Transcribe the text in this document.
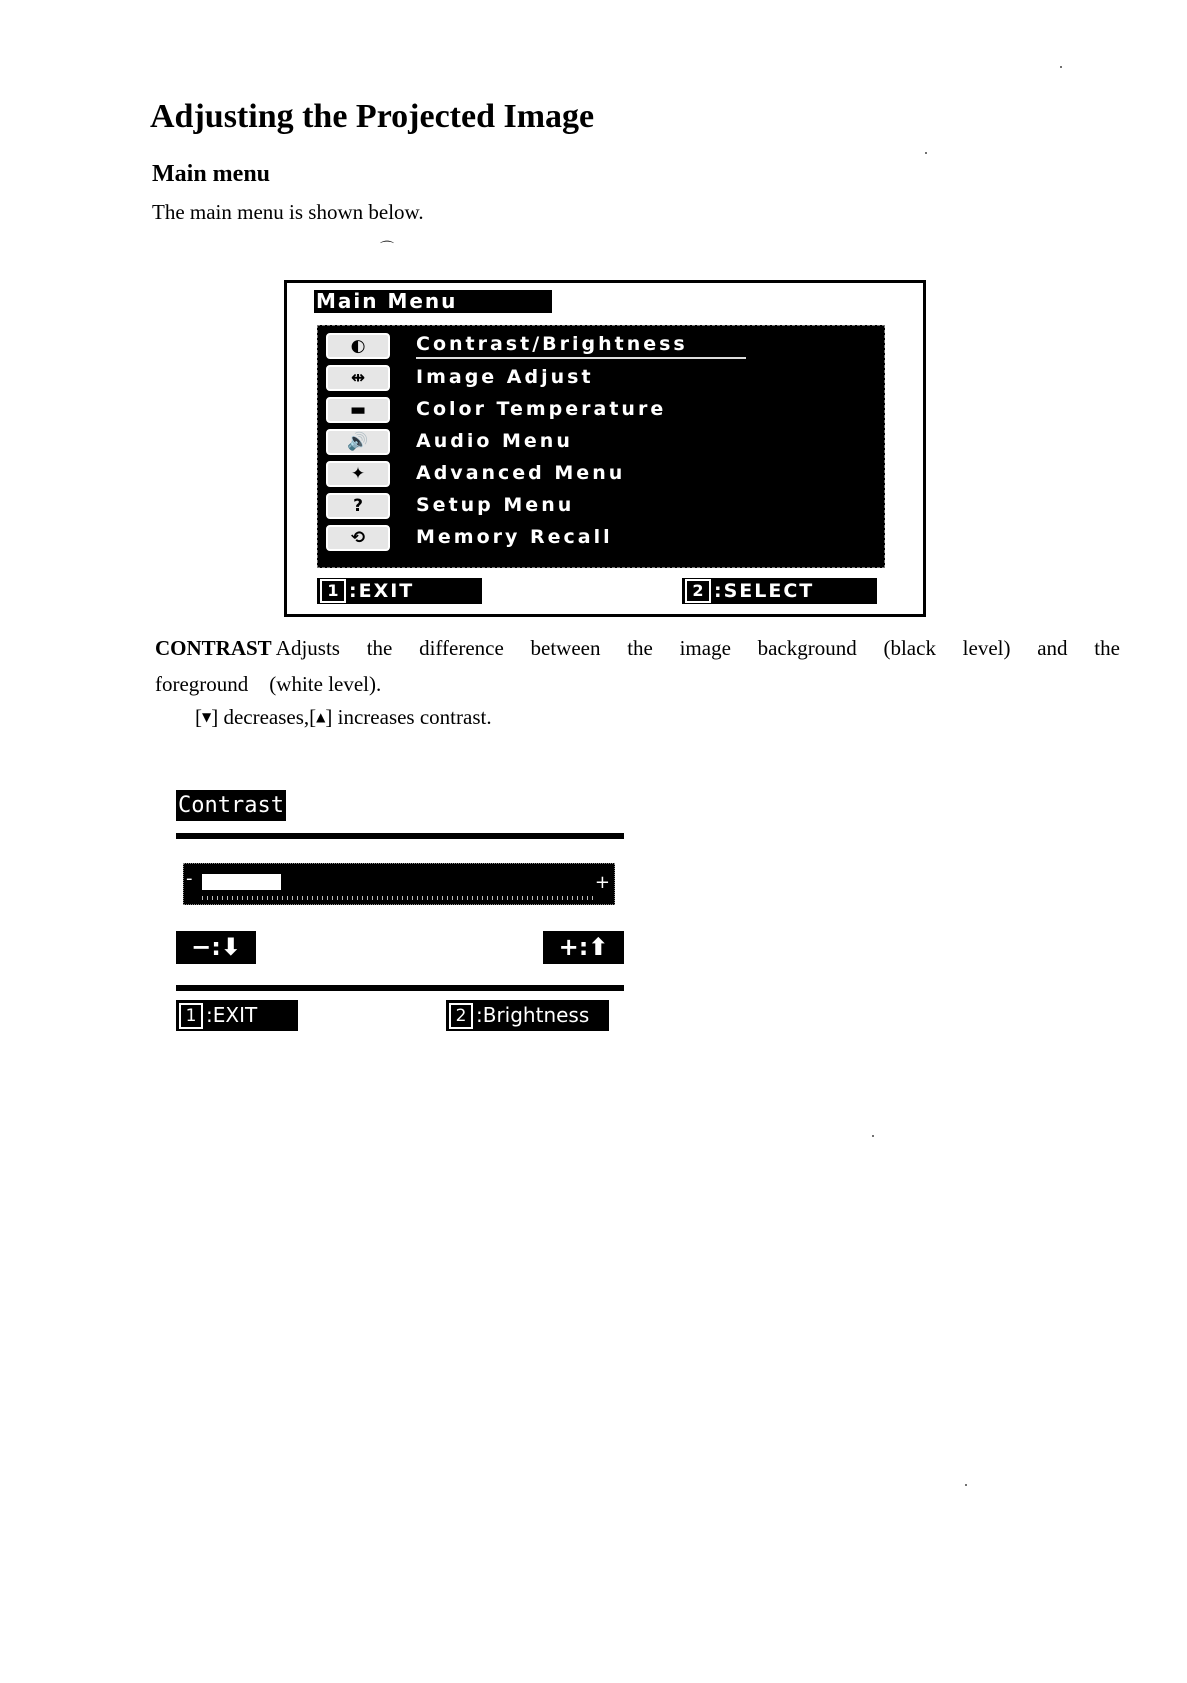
Adjusting the Projected Image
Main menu

The main menu is shown below.

⌒
Main Menu
◐	Contrast/Brightness
⇹	Image Adjust
▬	Color Temperature
🔊	Audio Menu
✦	Advanced Menu
?	Setup Menu
⟲	Memory Recall
1 :EXIT	2 :SELECT
CONTRAST Adjusts the difference between the image background (black level) and the
foreground    (white level).

[▼] decreases,[▲] increases contrast.

Contrast
-	+
−:⬇	+:⬆
1 :EXIT	2 :Brightness
